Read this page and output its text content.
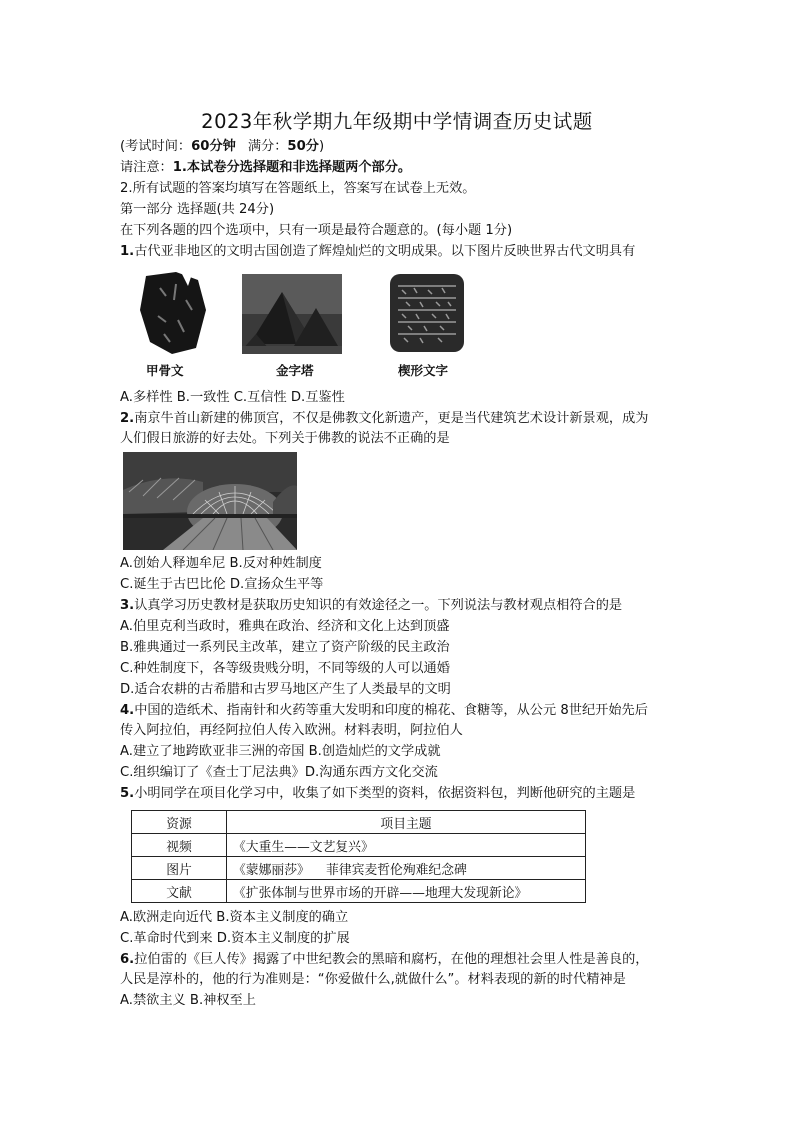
2023年秋学期九年级期中学情调查历史试题
(考试时间：60分钟 满分：50分)
请注意：1.本试卷分选择题和非选择题两个部分。
2.所有试题的答案均填写在答题纸上，答案写在试卷上无效。
第一部分 选择题(共 24分)
在下列各题的四个选项中，只有一项是最符合题意的。(每小题 1分)
1.古代亚非地区的文明古国创造了辉煌灿烂的文明成果。以下图片反映世界古代文明具有
甲骨文	金字塔	楔形文字
A.多样性 B.一致性 C.互信性 D.互鉴性
2.南京牛首山新建的佛顶宫，不仅是佛教文化新遗产，更是当代建筑艺术设计新景观，成为
人们假日旅游的好去处。下列关于佛教的说法不正确的是
A.创始人释迦牟尼 B.反对种姓制度
C.诞生于古巴比伦 D.宣扬众生平等
3.认真学习历史教材是获取历史知识的有效途径之一。下列说法与教材观点相符合的是
A.伯里克利当政时，雅典在政治、经济和文化上达到顶盛
B.雅典通过一系列民主改革，建立了资产阶级的民主政治
C.种姓制度下，各等级贵贱分明，不同等级的人可以通婚
D.适合农耕的古希腊和古罗马地区产生了人类最早的文明
4.中国的造纸术、指南针和火药等重大发明和印度的棉花、食糖等，从公元 8世纪开始先后
传入阿拉伯，再经阿拉伯人传入欧洲。材料表明，阿拉伯人
A.建立了地跨欧亚非三洲的帝国 B.创造灿烂的文学成就
C.组织编订了《查士丁尼法典》D.沟通东西方文化交流
5.小明同学在项目化学习中，收集了如下类型的资料，依据资料包，判断他研究的主题是
资源	项目主题
视频	《大重生——文艺复兴》
图片	《蒙娜丽莎》    菲律宾麦哲伦殉难纪念碑
文献	《扩张体制与世界市场的开辟——地理大发现新论》
A.欧洲走向近代 B.资本主义制度的确立
C.革命时代到来 D.资本主义制度的扩展
6.拉伯雷的《巨人传》揭露了中世纪教会的黑暗和腐朽，在他的理想社会里人性是善良的，
人民是淳朴的，他的行为准则是：“你爱做什么,就做什么”。材料表现的新的时代精神是
A.禁欲主义 B.神权至上
